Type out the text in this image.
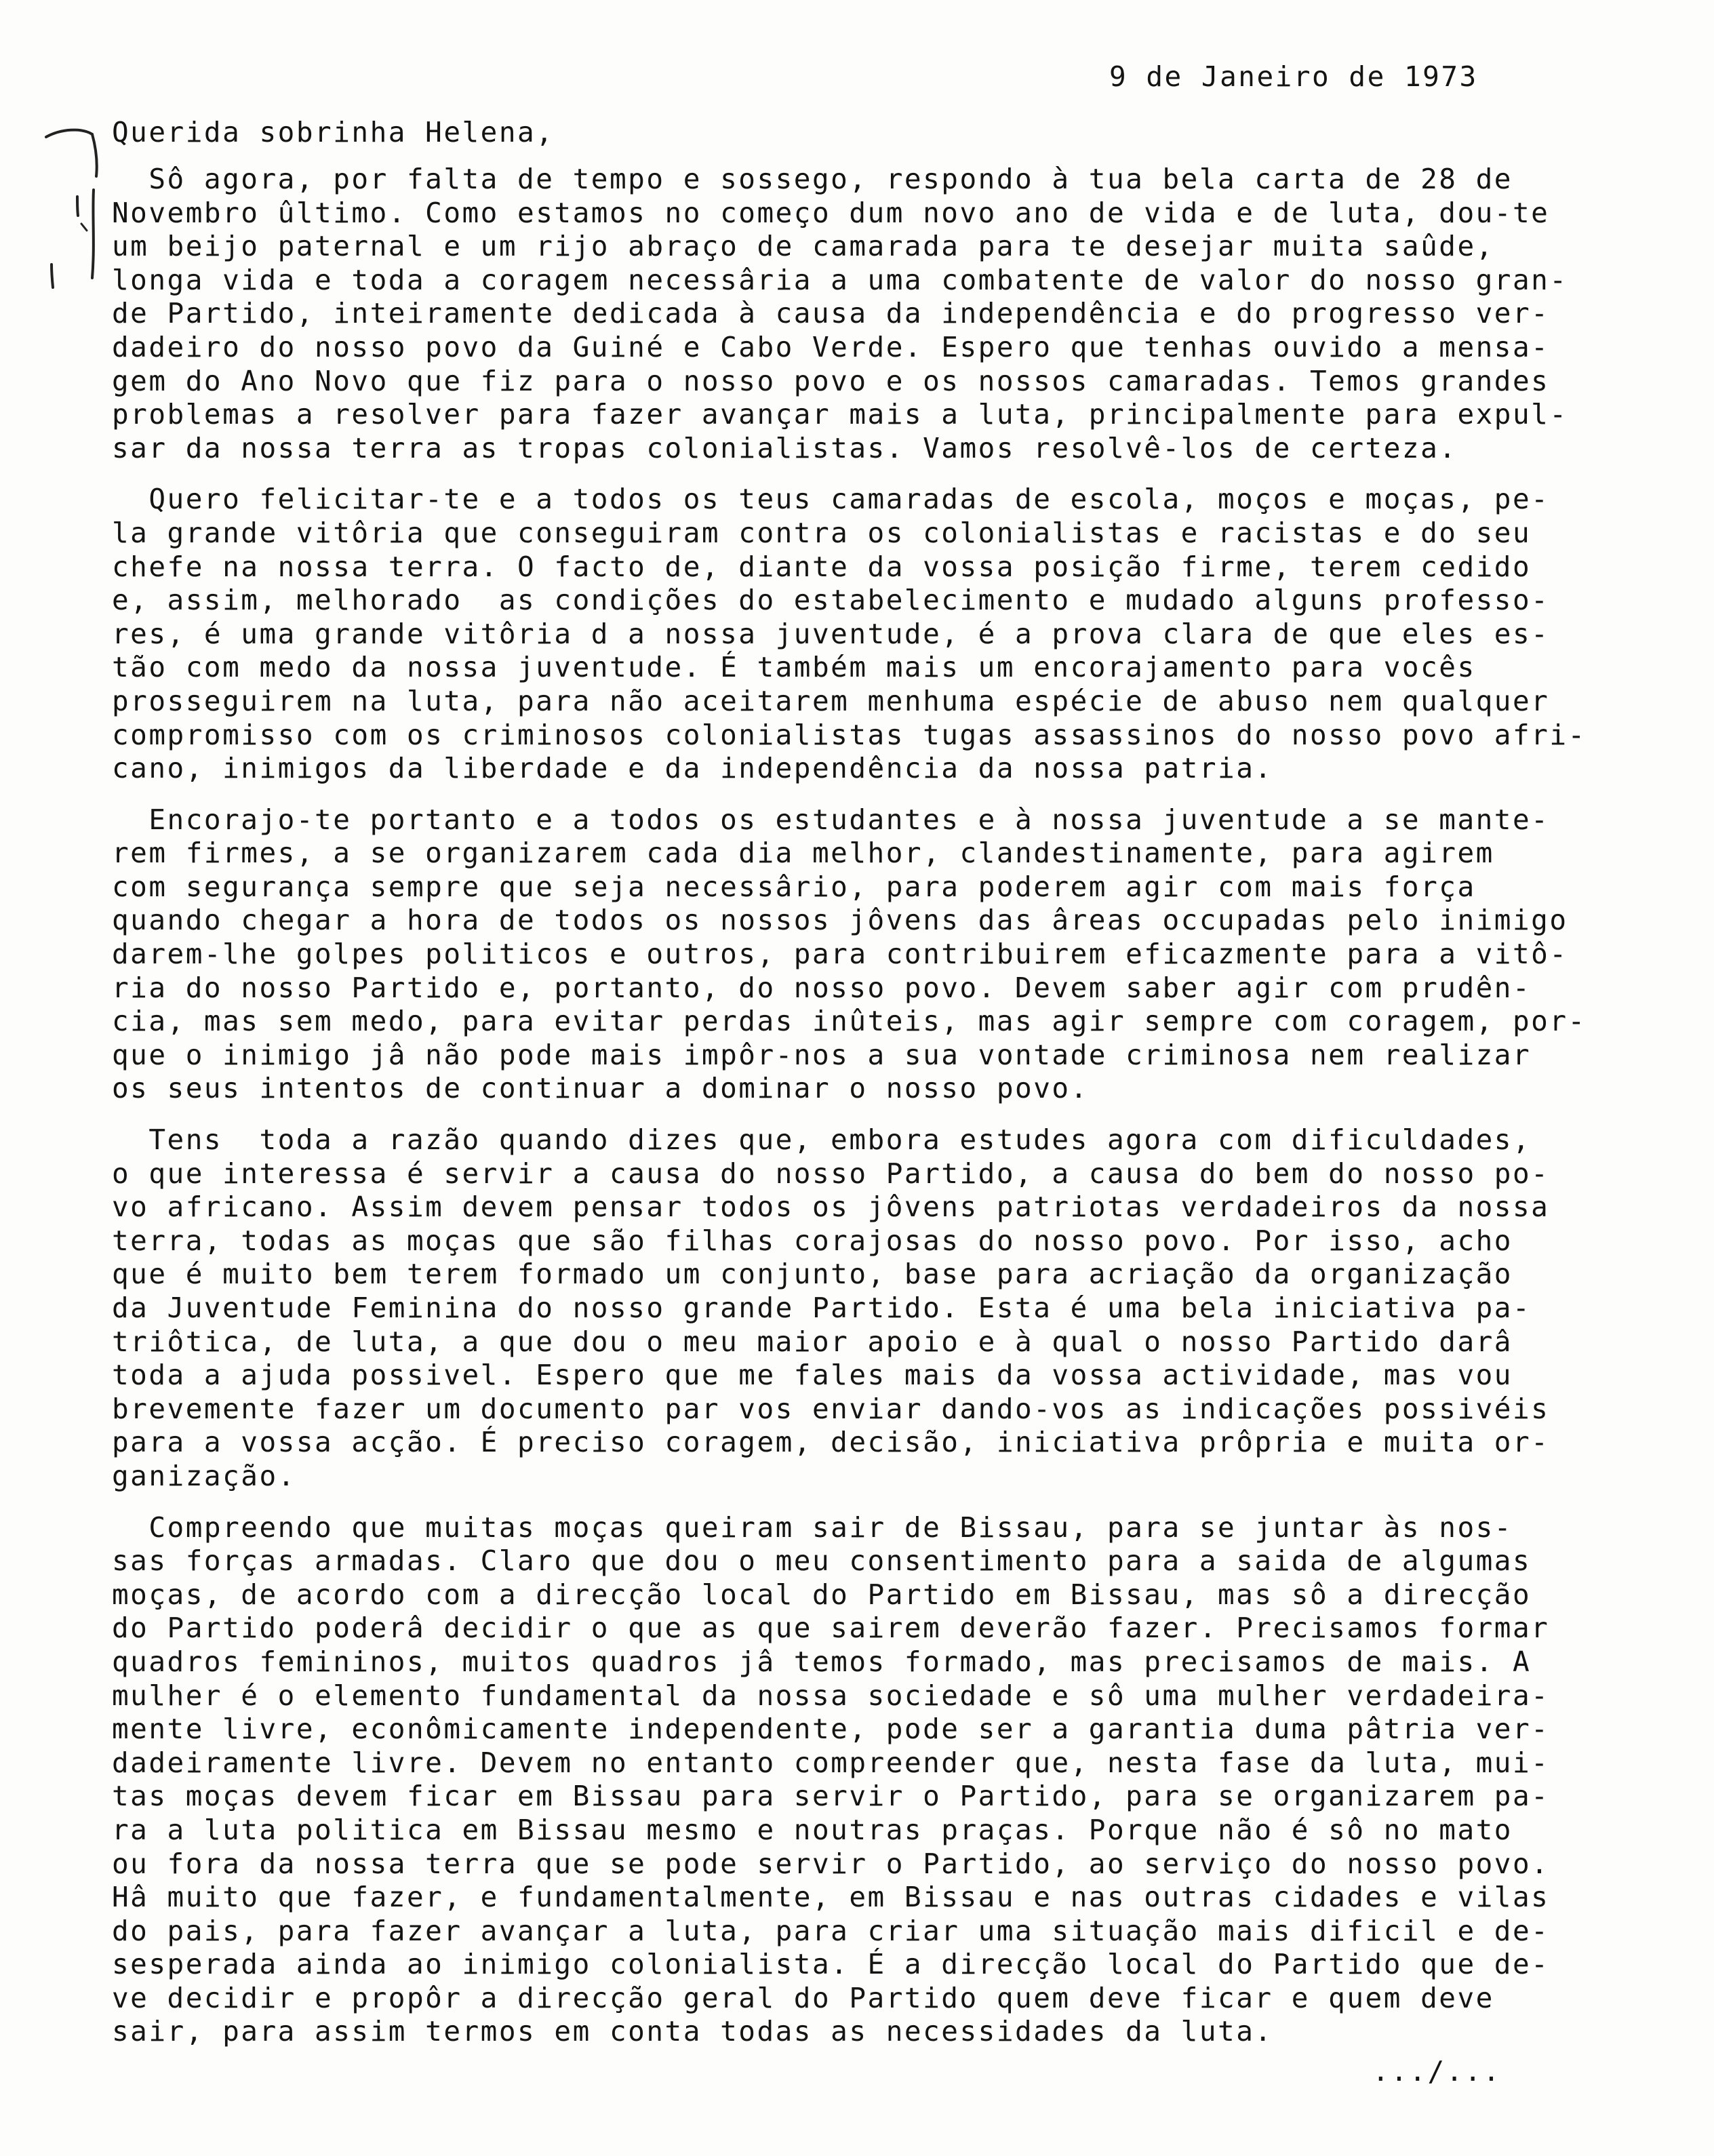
9 de Janeiro de 1973
Querida sobrinha Helena,
Sô agora, por falta de tempo e sossego, respondo à tua bela carta de 28 de
Novembro ûltimo. Como estamos no começo dum novo ano de vida e de luta, dou-te
um beijo paternal e um rijo abraço de camarada para te desejar muita saûde,
longa vida e toda a coragem necessâria a uma combatente de valor do nosso gran-
de Partido, inteiramente dedicada à causa da independência e do progresso ver-
dadeiro do nosso povo da Guiné e Cabo Verde. Espero que tenhas ouvido a mensa-
gem do Ano Novo que fiz para o nosso povo e os nossos camaradas. Temos grandes
problemas a resolver para fazer avançar mais a luta, principalmente para expul-
sar da nossa terra as tropas colonialistas. Vamos resolvê-los de certeza.
Quero felicitar-te e a todos os teus camaradas de escola, moços e moças, pe-
la grande vitôria que conseguiram contra os colonialistas e racistas e do seu
chefe na nossa terra. O facto de, diante da vossa posição firme, terem cedido
e, assim, melhorado  as condições do estabelecimento e mudado alguns professo-
res, é uma grande vitôria d a nossa juventude, é a prova clara de que eles es-
tão com medo da nossa juventude. É também mais um encorajamento para vocês
prosseguirem na luta, para não aceitarem menhuma espécie de abuso nem qualquer
compromisso com os criminosos colonialistas tugas assassinos do nosso povo afri-
cano, inimigos da liberdade e da independência da nossa patria.
Encorajo-te portanto e a todos os estudantes e à nossa juventude a se mante-
rem firmes, a se organizarem cada dia melhor, clandestinamente, para agirem
com segurança sempre que seja necessârio, para poderem agir com mais força
quando chegar a hora de todos os nossos jôvens das âreas occupadas pelo inimigo
darem-lhe golpes politicos e outros, para contribuirem eficazmente para a vitô-
ria do nosso Partido e, portanto, do nosso povo. Devem saber agir com prudên-
cia, mas sem medo, para evitar perdas inûteis, mas agir sempre com coragem, por-
que o inimigo jâ não pode mais impôr-nos a sua vontade criminosa nem realizar
os seus intentos de continuar a dominar o nosso povo.
Tens  toda a razão quando dizes que, embora estudes agora com dificuldades,
o que interessa é servir a causa do nosso Partido, a causa do bem do nosso po-
vo africano. Assim devem pensar todos os jôvens patriotas verdadeiros da nossa
terra, todas as moças que são filhas corajosas do nosso povo. Por isso, acho
que é muito bem terem formado um conjunto, base para acriação da organização
da Juventude Feminina do nosso grande Partido. Esta é uma bela iniciativa pa-
triôtica, de luta, a que dou o meu maior apoio e à qual o nosso Partido darâ
toda a ajuda possivel. Espero que me fales mais da vossa actividade, mas vou
brevemente fazer um documento par vos enviar dando-vos as indicações possivéis
para a vossa acção. É preciso coragem, decisão, iniciativa prôpria e muita or-
ganização.
Compreendo que muitas moças queiram sair de Bissau, para se juntar às nos-
sas forças armadas. Claro que dou o meu consentimento para a saida de algumas
moças, de acordo com a direcção local do Partido em Bissau, mas sô a direcção
do Partido poderâ decidir o que as que sairem deverão fazer. Precisamos formar
quadros femininos, muitos quadros jâ temos formado, mas precisamos de mais. A
mulher é o elemento fundamental da nossa sociedade e sô uma mulher verdadeira-
mente livre, econômicamente independente, pode ser a garantia duma pâtria ver-
dadeiramente livre. Devem no entanto compreender que, nesta fase da luta, mui-
tas moças devem ficar em Bissau para servir o Partido, para se organizarem pa-
ra a luta politica em Bissau mesmo e noutras praças. Porque não é sô no mato
ou fora da nossa terra que se pode servir o Partido, ao serviço do nosso povo.
Hâ muito que fazer, e fundamentalmente, em Bissau e nas outras cidades e vilas
do pais, para fazer avançar a luta, para criar uma situação mais dificil e de-
sesperada ainda ao inimigo colonialista. É a direcção local do Partido que de-
ve decidir e propôr a direcção geral do Partido quem deve ficar e quem deve
sair, para assim termos em conta todas as necessidades da luta.
.../...
